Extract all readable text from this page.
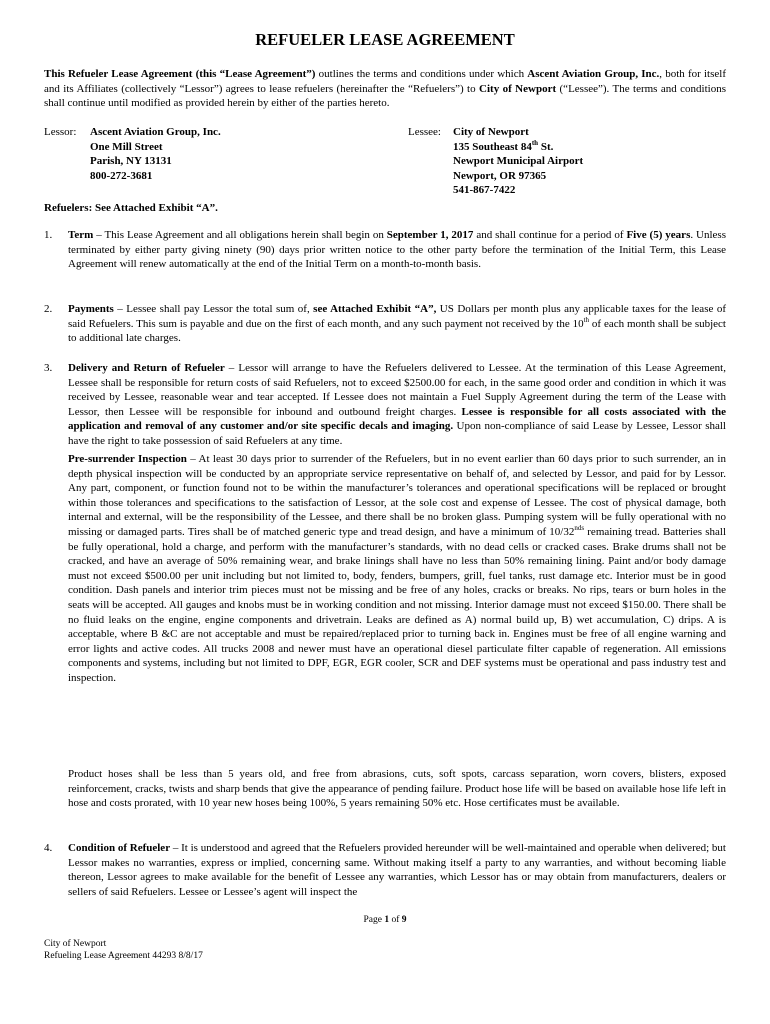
REFUELER LEASE AGREEMENT
This Refueler Lease Agreement (this “Lease Agreement”) outlines the terms and conditions under which Ascent Aviation Group, Inc., both for itself and its Affiliates (collectively “Lessor”) agrees to lease refuelers (hereinafter the “Refuelers”) to City of Newport (“Lessee”). The terms and conditions shall continue until modified as provided herein by either of the parties hereto.
Lessor: Ascent Aviation Group, Inc.
One Mill Street
Parish, NY 13131
800-272-3681
Lessee: City of Newport
135 Southeast 84th St.
Newport Municipal Airport
Newport, OR 97365
541-867-7422
Refuelers: See Attached Exhibit “A”.
1.	Term – This Lease Agreement and all obligations herein shall begin on September 1, 2017 and shall continue for a period of Five (5) years. Unless terminated by either party giving ninety (90) days prior written notice to the other party before the termination of the Initial Term, this Lease Agreement will renew automatically at the end of the Initial Term on a month-to-month basis.
2.	Payments – Lessee shall pay Lessor the total sum of, see Attached Exhibit “A”, US Dollars per month plus any applicable taxes for the lease of said Refuelers. This sum is payable and due on the first of each month, and any such payment not received by the 10th of each month shall be subject to additional late charges.
3.	Delivery and Return of Refueler – Lessor will arrange to have the Refuelers delivered to Lessee. At the termination of this Lease Agreement, Lessee shall be responsible for return costs of said Refuelers, not to exceed $2500.00 for each, in the same good order and condition in which it was received by Lessee, reasonable wear and tear accepted. If Lessee does not maintain a Fuel Supply Agreement during the term of the Lease with Lessor, then Lessee will be responsible for inbound and outbound freight charges. Lessee is responsible for all costs associated with the application and removal of any customer and/or site specific decals and imaging. Upon non-compliance of said Lease by Lessee, Lessor shall have the right to take possession of said Refuelers at any time.
Pre-surrender Inspection – At least 30 days prior to surrender of the Refuelers, but in no event earlier than 60 days prior to such surrender, an in depth physical inspection will be conducted by an appropriate service representative on behalf of, and selected by Lessor, and paid for by Lessor. Any part, component, or function found not to be within the manufacturer’s tolerances and operational specifications will be replaced or brought within those tolerances and specifications to the satisfaction of Lessor, at the sole cost and expense of Lessee. The cost of physical damage, both internal and external, will be the responsibility of the Lessee, and there shall be no broken glass. Pumping system will be fully operational with no missing or damaged parts. Tires shall be of matched generic type and tread design, and have a minimum of $10/32^{nds}$ remaining tread. Batteries shall be fully operational, hold a charge, and perform with the manufacturer’s standards, with no dead cells or cracked cases. Brake drums shall not be cracked, and have an average of 50% remaining wear, and brake linings shall have no less than 50% remaining lining. Paint and/or body damage must not exceed $500.00 per unit including but not limited to, body, fenders, bumpers, grill, fuel tanks, rust damage etc. Interior must be in good condition. Dash panels and interior trim pieces must not be missing and be free of any holes, cracks or breaks. No rips, tears or burn holes in the seats will be accepted. All gauges and knobs must be in working condition and not missing. Interior damage must not exceed $150.00. There shall be no fluid leaks on the engine, engine components and drivetrain. Leaks are defined as A) normal build up, B) wet accumulation, C) drips. A is acceptable, where B &C are not acceptable and must be repaired/replaced prior to turning back in. Engines must be free of all engine warning and error lights and active codes. All trucks 2008 and newer must have an operational diesel particulate filter capable of regeneration. All emissions components and systems, including but not limited to DPF, EGR, EGR cooler, SCR and DEF systems must be operational and pass industry test and inspection.
Product hoses shall be less than 5 years old, and free from abrasions, cuts, soft spots, carcass separation, worn covers, blisters, exposed reinforcement, cracks, twists and sharp bends that give the appearance of pending failure. Product hose life will be based on available hose life left in hose and costs prorated, with 10 year new hoses being 100%, 5 years remaining 50% etc. Hose certificates must be available.
4.	Condition of Refueler – It is understood and agreed that the Refuelers provided hereunder will be well-maintained and operable when delivered; but Lessor makes no warranties, express or implied, concerning same. Without making itself a party to any warranties, and without becoming liable thereon, Lessor agrees to make available for the benefit of Lessee any warranties, which Lessor has or may obtain from manufacturers, dealers or sellers of said Refuelers. Lessee or Lessee’s agent will inspect the
Page 1 of 9
City of Newport
Refueling Lease Agreement 44293 8/8/17
